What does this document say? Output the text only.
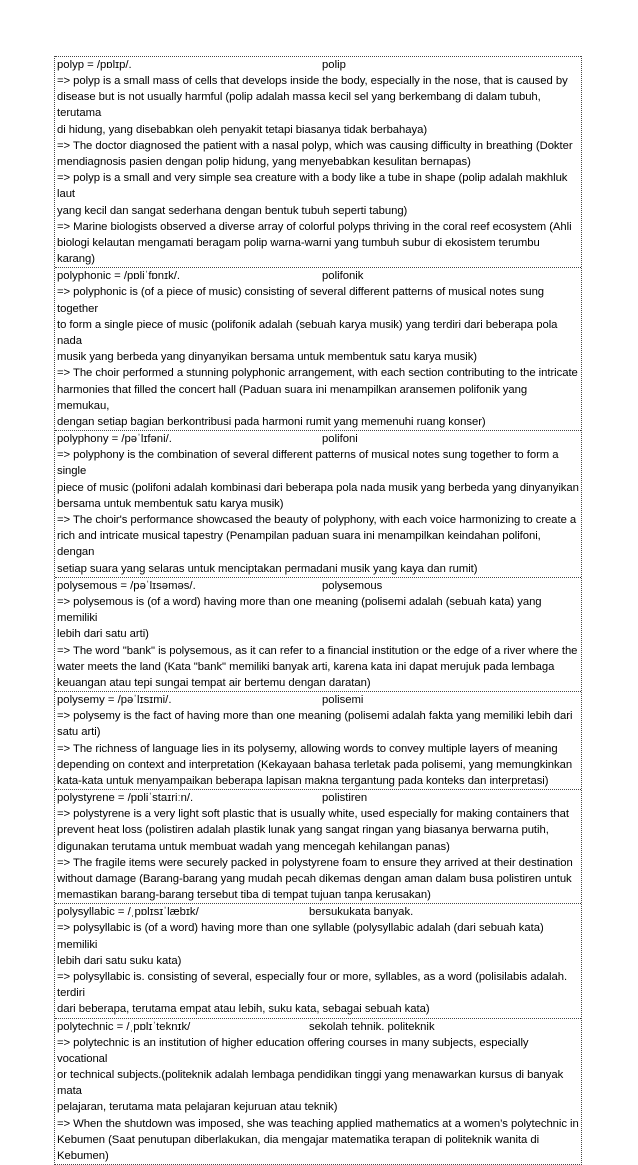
polyp = /pɒlɪp/.	polip

=> polyp is a small mass of cells that develops inside the body, especially in the nose, that is caused by

disease but is not usually harmful (polip adalah massa kecil sel yang berkembang di dalam tubuh, terutama

di hidung, yang disebabkan oleh penyakit tetapi biasanya tidak berbahaya)

=> The doctor diagnosed the patient with a nasal polyp, which was causing difficulty in breathing (Dokter

mendiagnosis pasien dengan polip hidung, yang menyebabkan kesulitan bernapas)

=> polyp is a small and very simple sea creature with a body like a tube in shape (polip adalah makhluk laut

yang kecil dan sangat sederhana dengan bentuk tubuh seperti tabung)

=> Marine biologists observed a diverse array of colorful polyps thriving in the coral reef ecosystem (Ahli

biologi kelautan mengamati beragam polip warna-warni yang tumbuh subur di ekosistem terumbu karang)

polyphonic = /pɒliˈfɒnɪk/.	polifonik

=> polyphonic is (of a piece of music) consisting of several different patterns of musical notes sung together

to form a single piece of music (polifonik adalah (sebuah karya musik) yang terdiri dari beberapa pola nada

musik yang berbeda yang dinyanyikan bersama untuk membentuk satu karya musik)

=> The choir performed a stunning polyphonic arrangement, with each section contributing to the intricate

harmonies that filled the concert hall (Paduan suara ini menampilkan aransemen polifonik yang memukau,

dengan setiap bagian berkontribusi pada harmoni rumit yang memenuhi ruang konser)

polyphony = /pəˈlɪfəni/.	polifoni

=> polyphony is the combination of several different patterns of musical notes sung together to form a single

piece of music (polifoni adalah kombinasi dari beberapa pola nada musik yang berbeda yang dinyanyikan

bersama untuk membentuk satu karya musik)

=> The choir's performance showcased the beauty of polyphony, with each voice harmonizing to create a

rich and intricate musical tapestry (Penampilan paduan suara ini menampilkan keindahan polifoni, dengan

setiap suara yang selaras untuk menciptakan permadani musik yang kaya dan rumit)

polysemous = /pəˈlɪsəməs/.	polysemous

=> polysemous is (of a word) having more than one meaning (polisemi adalah (sebuah kata) yang memiliki

lebih dari satu arti)

=> The word "bank" is polysemous, as it can refer to a financial institution or the edge of a river where the

water meets the land (Kata "bank" memiliki banyak arti, karena kata ini dapat merujuk pada lembaga

keuangan atau tepi sungai tempat air bertemu dengan daratan)

polysemy = /pəˈlɪsɪmi/.	polisemi

=> polysemy is the fact of having more than one meaning (polisemi adalah fakta yang memiliki lebih dari

satu arti)

=> The richness of language lies in its polysemy, allowing words to convey multiple layers of meaning

depending on context and interpretation (Kekayaan bahasa terletak pada polisemi, yang memungkinkan

kata-kata untuk menyampaikan beberapa lapisan makna tergantung pada konteks dan interpretasi)

polystyrene = /pɒliˈstaɪriːn/.	polistiren

=> polystyrene is a very light soft plastic that is usually white, used especially for making containers that

prevent heat loss (polistiren adalah plastik lunak yang sangat ringan yang biasanya berwarna putih,

digunakan terutama untuk membuat wadah yang mencegah kehilangan panas)

=> The fragile items were securely packed in polystyrene foam to ensure they arrived at their destination

without damage (Barang-barang yang mudah pecah dikemas dengan aman dalam busa polistiren untuk

memastikan barang-barang tersebut tiba di tempat tujuan tanpa kerusakan)

polysyllabic = /ˌpɒlɪsɪˈlæbɪk/	bersukukata banyak.

=> polysyllabic is (of a word) having more than one syllable (polysyllabic adalah (dari sebuah kata) memiliki

lebih dari satu suku kata)

=> polysyllabic is. consisting of several, especially four or more, syllables, as a word (polisilabis adalah. terdiri

dari beberapa, terutama empat atau lebih, suku kata, sebagai sebuah kata)

polytechnic = /ˌpɒlɪˈteknɪk/	sekolah tehnik. politeknik

=> polytechnic is an institution of higher education offering courses in many subjects, especially vocational

or technical subjects.(politeknik adalah lembaga pendidikan tinggi yang menawarkan kursus di banyak mata

pelajaran, terutama mata pelajaran kejuruan atau teknik)

=> When the shutdown was imposed, she was teaching applied mathematics at a women’s polytechnic in

Kebumen (Saat penutupan diberlakukan, dia mengajar matematika terapan di politeknik wanita di Kebumen)
